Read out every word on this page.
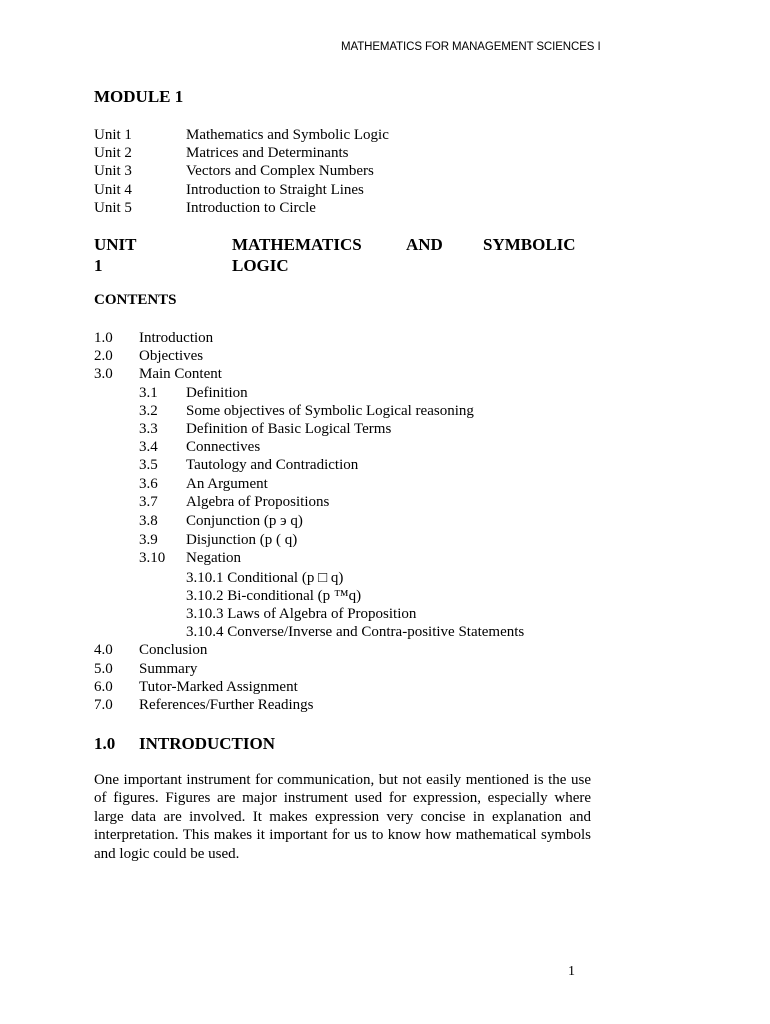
MATHEMATICS FOR MANAGEMENT SCIENCES I
MODULE 1
Unit 1	Mathematics and Symbolic Logic
Unit 2	Matrices and Determinants
Unit 3	Vectors and Complex Numbers
Unit 4	Introduction to Straight Lines
Unit 5	Introduction to Circle
UNIT 1
MATHEMATICS	AND SYMBOLIC
LOGIC
CONTENTS
1.0	Introduction
2.0	Objectives
3.0	Main Content
3.1	Definition
3.2	Some objectives of Symbolic Logical reasoning
3.3	Definition of Basic Logical Terms
3.4	Connectives
3.5	Tautology and Contradiction
3.6	An Argument
3.7	Algebra of Propositions
3.8	Conjunction (p э q)
3.9	Disjunction (p ( q)
3.10	Negation
3.10.1 Conditional (p □ q)
3.10.2 Bi-conditional (p ™q)
3.10.3 Laws of Algebra of Proposition
3.10.4 Converse/Inverse and Contra-positive Statements
4.0	Conclusion
5.0	Summary
6.0	Tutor-Marked Assignment
7.0	References/Further Readings
1.0 INTRODUCTION
One important instrument for communication, but not easily mentioned is the use of figures. Figures are major instrument used for expression, especially where large data are involved. It makes expression very concise in explanation and interpretation. This makes it important for us to know how mathematical symbols and logic could be used.
1
